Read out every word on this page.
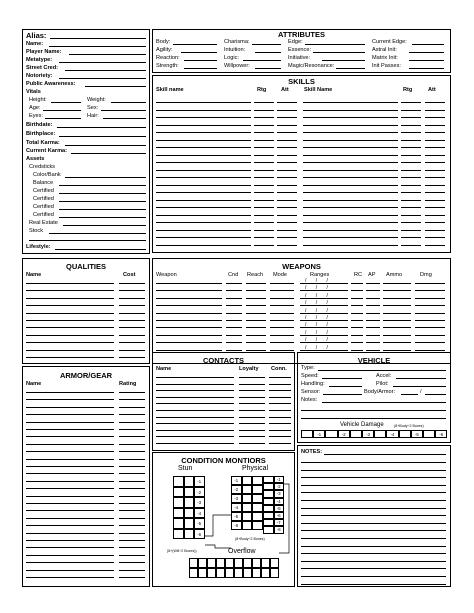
Alias:
Name:
Player Name:
Metatype:
Street Cred:
Notoriety:
Public Awareness:
Vitals
Height:	Weight:
Age:	Sex:
Eyes:	Hair:
Birthdate:
Birthplace:
Total Karma:
Current Karma:
Assets
Credsticks
Color/Bank
Balance
Certified
Certified
Certified
Certified
Real Estate
Stock
Lifestyle:
ATTRIBUTES
Body:
Agility:
Reaction:
Strength:
Charisma:
Intuition:
Logic:
Willpower:
Edge:
Essence:
Initiative:
Magic/Resonance:
Current Edge:
Astral Init:
Matrix Init:
Init Passes:
SKILLS
Skill name	Rtg	Att	Skill Name	Rtg	Att
QUALITIES
Name	Cost
WEAPONS
Weapon	Cnd Reach Mode	Ranges	RC AP Ammo	Dmg
/ / /
/ / /
/ / /
/ / /
/ / /
/ / /
/ / /
/ / /
/ / /
/ / /
ARMOR/GEAR
Name	Rating
CONTACTS
Name	Loyalty Conn.
VEHICLE
Type:
Speed:	Accel:
Handling:	Pilot:
Sensor:	Body/Armor:	/
Notes:
Vehicle Damage	(8+Body÷2 Boxes)
-1	-2	-3	-4	-5	-6
CONDITION MONTIORS
Stun	Physical
-1
-2
-3
-4
-5
-6
-1
-2
-3
-4
-5
-6
-1
-2
-3
-4
-5
-6
-7
-8
(8+(Will÷2 Boxes))
(8+Body÷2 Boxes)
Overflow
NOTES:
